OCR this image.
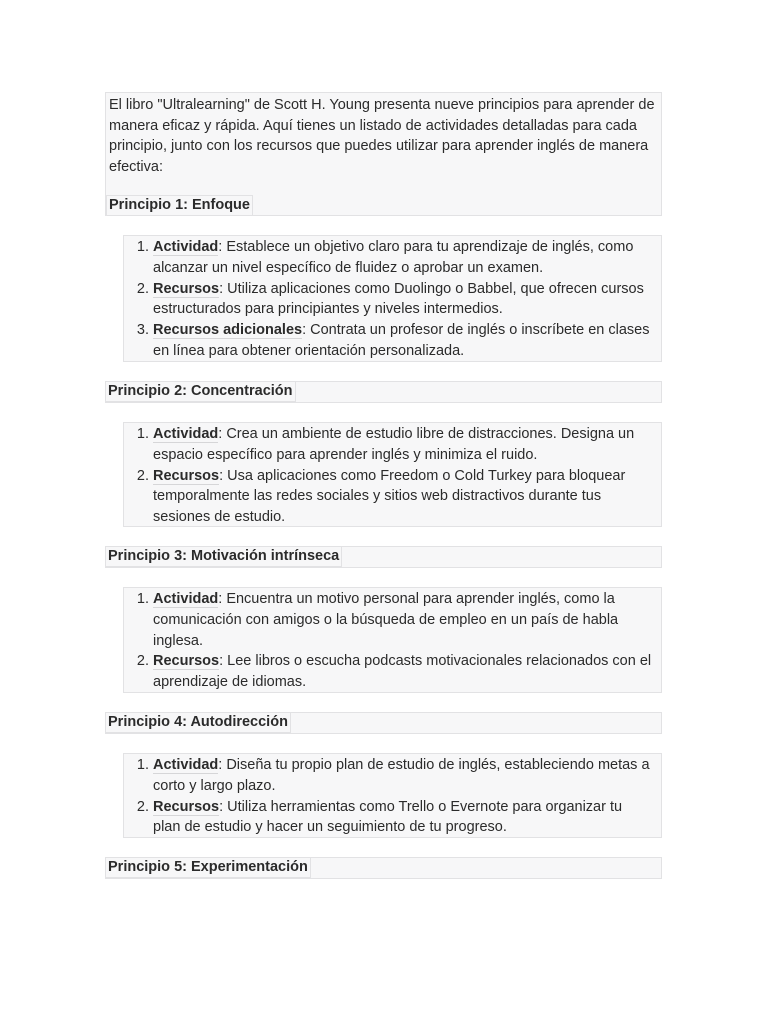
El libro "Ultralearning" de Scott H. Young presenta nueve principios para aprender de manera eficaz y rápida. Aquí tienes un listado de actividades detalladas para cada principio, junto con los recursos que puedes utilizar para aprender inglés de manera efectiva:

Principio 1: Enfoque
1. Actividad: Establece un objetivo claro para tu aprendizaje de inglés, como alcanzar un nivel específico de fluidez o aprobar un examen.
2. Recursos: Utiliza aplicaciones como Duolingo o Babbel, que ofrecen cursos estructurados para principiantes y niveles intermedios.
3. Recursos adicionales: Contrata un profesor de inglés o inscríbete en clases en línea para obtener orientación personalizada.
Principio 2: Concentración
1. Actividad: Crea un ambiente de estudio libre de distracciones. Designa un espacio específico para aprender inglés y minimiza el ruido.
2. Recursos: Usa aplicaciones como Freedom o Cold Turkey para bloquear temporalmente las redes sociales y sitios web distractivos durante tus sesiones de estudio.
Principio 3: Motivación intrínseca
1. Actividad: Encuentra un motivo personal para aprender inglés, como la comunicación con amigos o la búsqueda de empleo en un país de habla inglesa.
2. Recursos: Lee libros o escucha podcasts motivacionales relacionados con el aprendizaje de idiomas.
Principio 4: Autodirección
1. Actividad: Diseña tu propio plan de estudio de inglés, estableciendo metas a corto y largo plazo.
2. Recursos: Utiliza herramientas como Trello o Evernote para organizar tu plan de estudio y hacer un seguimiento de tu progreso.
Principio 5: Experimentación
